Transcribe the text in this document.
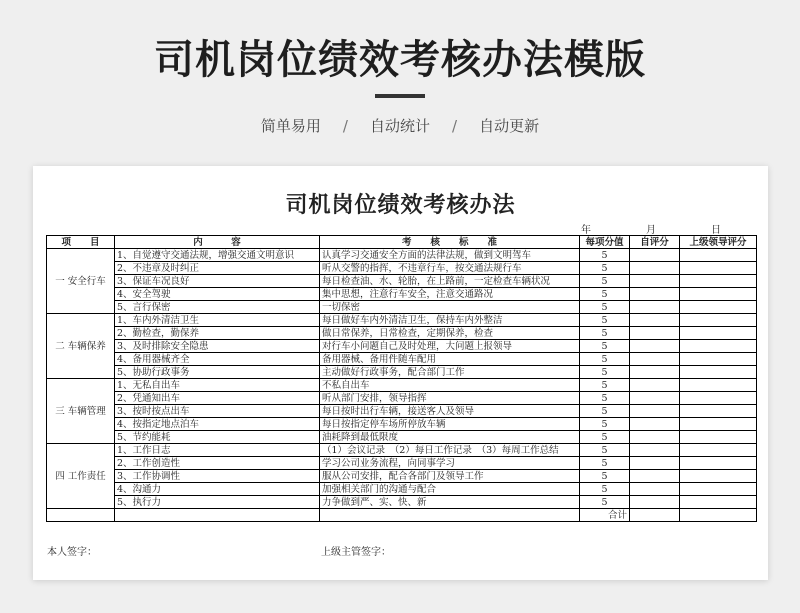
司机岗位绩效考核办法模版
简单易用 / 自动统计 / 自动更新
司机岗位绩效考核办法
年	月	日
项　　目	内　　　容	考　　核　　标　　准	每项分值	自评分	上级领导评分
一 安全行车	1、自觉遵守交通法规，增强交通文明意识	认真学习交通安全方面的法律法规，做到文明驾车	5		
	2、不违章及时纠正	听从交警的指挥，不违章行车，按交通法规行车	5		
	3、保证车况良好	每日检查油、水、轮胎，在上路前，一定检查车辆状况	5		
	4、安全驾驶	集中思想，注意行车安全，注意交通路况	5		
	5、言行保密	一切保密	5		
二 车辆保养	1、车内外清洁卫生	每日做好车内外清洁卫生，保持车内外整洁	5		
	2、勤检查，勤保养	做日常保养，日常检查，定期保养，检查	5		
	3、及时排除安全隐患	对行车小问题自己及时处理，大问题上报领导	5		
	4、备用器械齐全	备用器械、备用件随车配用	5		
	5、协助行政事务	主动做好行政事务，配合部门工作	5		
三 车辆管理	1、无私自出车	不私自出车	5		
	2、凭通知出车	听从部门安排，领导指挥	5		
	3、按时按点出车	每日按时出行车辆，接送客人及领导	5		
	4、按指定地点泊车	每日按指定停车场所停放车辆	5		
	5、节约能耗	油耗降到最低限度	5		
四 工作责任	1、工作日志	（1）会议记录　（2）每日工作记录　（3）每周工作总结	5		
	2、工作创造性	学习公司业务流程，向同事学习	5		
	3、工作协调性	服从公司安排，配合各部门及领导工作	5		
	4、沟通力	加强相关部门的沟通与配合	5		
	5、执行力	力争做到严、实、快、新	5		
			合计		
本人签字：	上级主管签字：
